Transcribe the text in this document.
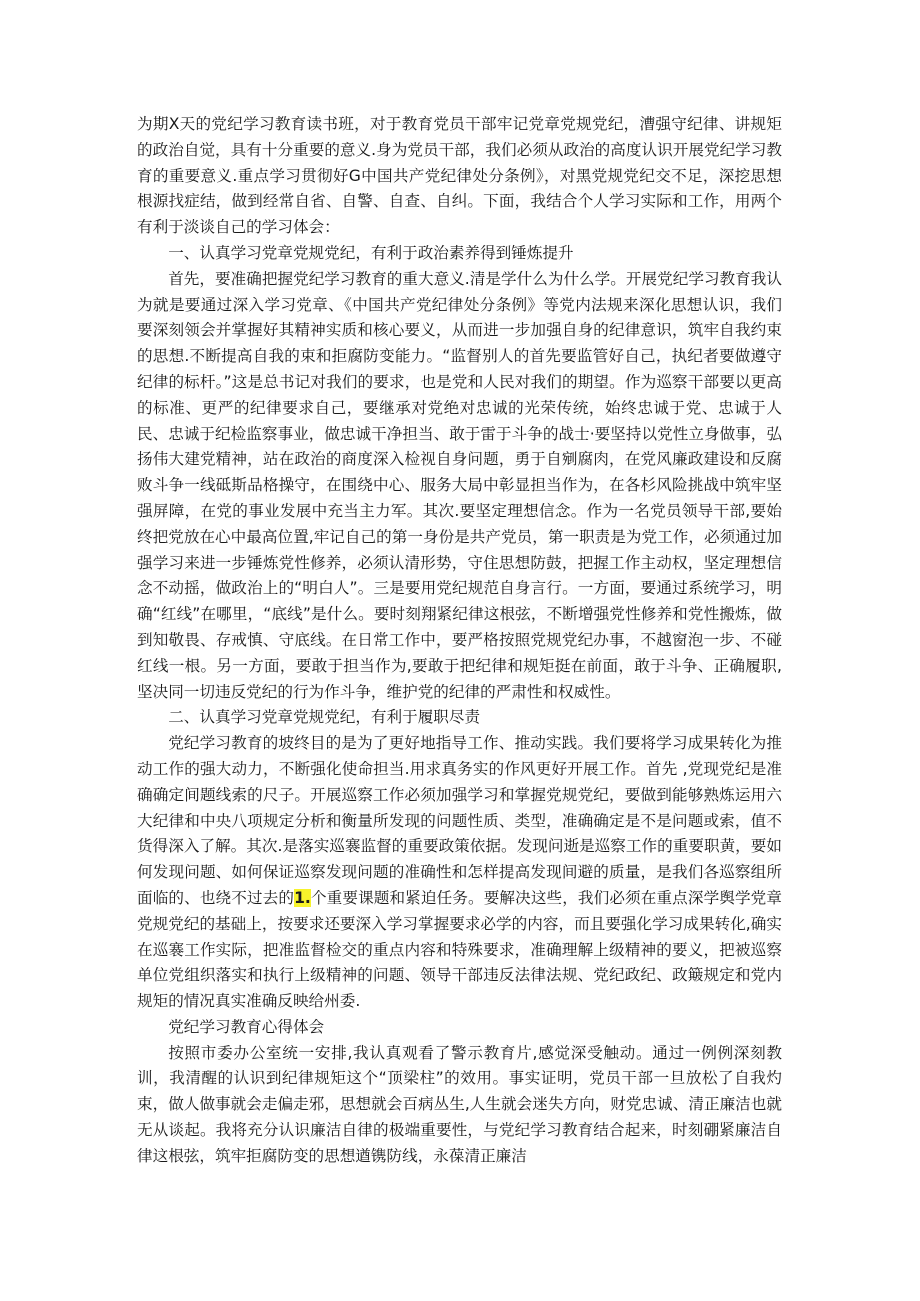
为期X天的党纪学习教育读书班，对于教育党员干部牢记党章党规党纪，漕强守纪律、讲规矩的政治自觉，具有十分重要的意义.身为党员干部，我们必须从政治的高度认识开展党纪学习教育的重要意义.重点学习贯彻好G中国共产党纪律处分条例》，对黑党规党纪交不足，深挖思想根源找症结，做到经常自省、自警、自查、自纠。下面，我结合个人学习实际和工作，用两个有利于淡谈自己的学习体会：

一、认真学习党章党规党纪，有利于政治素养得到锤炼提升

首先，要准确把握党纪学习教育的重大意义.清是学什么为什么学。开展党纪学习教育我认为就是要通过深入学习党章、《中国共产党纪律处分条例》等党内法规来深化思想认识，我们要深刻领会并掌握好其精神实质和核心要义，从而进一步加强自身的纪律意识，筑牢自我约束的思想.不断提高自我的束和拒腐防变能力。“监督别人的首先要监管好自己，执纪者要做遵守纪律的标杆。”这是总书记对我们的要求，也是党和人民对我们的期望。作为巡察干部要以更高的标准、更严的纪律要求自己，要继承对党绝对忠诚的光荣传统，始终忠诚于党、忠诚于人民、忠诚于纪检监察事业，做忠诚干净担当、敢于雷于斗争的战士·要坚持以党性立身做事，弘扬伟大建党精神，站在政治的商度深入检视自身问题，勇于自剜腐肉，在党风廉政建设和反腐败斗争一线砥斯品格操守，在围绕中心、服务大局中彰显担当作为，在各杉风险挑战中筑牢坚强屏障，在党的事业发展中充当主力军。其次.要坚定理想信念。作为一名党员领导干部,要始终把党放在心中最高位置,牢记自己的第一身份是共产党员，第一职责是为党工作，必须通过加强学习来进一步锤炼党性修养，必须认清形势，守住思想防鼓，把握工作主动权，坚定理想信念不动摇，做政治上的“明白人”。三是要用党纪规范自身言行。一方面，要通过系统学习，明确“红线”在哪里，“底线”是什么。要时刻翔紧纪律这根弦，不断增强党性修养和党性搬炼，做到知敬畏、存戒慎、守底线。在日常工作中，要严格按照党规党纪办事，不越窗泡一步、不碰红线一根。另一方面，要敢于担当作为,要敢于把纪律和规矩挺在前面，敢于斗争、正确履职,坚决同一切违反党纪的行为作斗争，维护党的纪律的严肃性和权威性。

二、认真学习党章党规党纪，有利于履职尽责

党纪学习教育的坡终目的是为了更好地指导工作、推动实践。我们要将学习成果转化为推动工作的强大动力，不断强化使命担当.用求真务实的作风更好开展工作。首先 ,党现党纪是准确确定间题线索的尺子。开展巡察工作必须加强学习和掌握党规党纪，要做到能够熟炼运用六大纪律和中央八项规定分析和衡量所发现的问题性质、类型，准确确定是不是问题或索，值不货得深入了解。其次.是落实巡褰监督的重要政策依据。发现问逝是巡察工作的重要职黄，要如何发现问题、如何保证巡察发现问题的准确性和怎样提高发现间避的质量，是我们各巡察组所面临的、也绕不过去的1.个重要课题和紧迫任务。要解决这些，我们必须在重点深学舆学党章党规党纪的基础上，按要求还要深入学习掌握要求必学的内容，而且要强化学习成果转化,确实在巡褰工作实际，把准监督检交的重点内容和特殊要求，准确理解上级精神的要义，把被巡察单位党组织落实和执行上级精神的问题、领导干部违反法律法规、党纪政纪、政簸规定和党内规矩的情况真实准确反映给州委.

党纪学习教育心得体会

按照市委办公室统一安排,我认真观看了警示教育片,感觉深受触动。通过一例例深刻教训，我清醒的认识到纪律规矩这个“顶梁柱”的效用。事实证明，党员干部一旦放松了自我灼束，做人做事就会走偏走邪，思想就会百病丛生,人生就会迷失方向，财党忠诚、清正廉洁也就无从谈起。我将充分认识廉洁自律的极端重要性，与党纪学习教育结合起来，时刻硼紧廉洁自律这根弦，筑牢拒腐防变的思想遒镌防线，永葆清正廉洁
